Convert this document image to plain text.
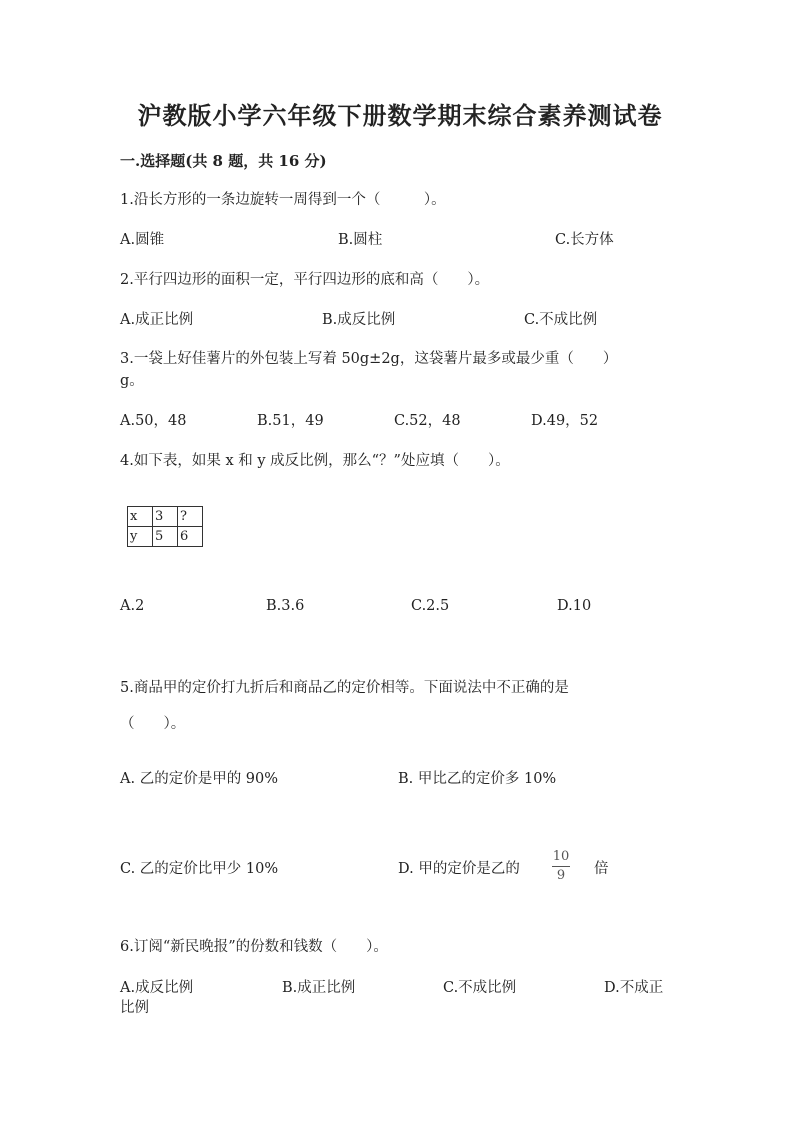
沪教版小学六年级下册数学期末综合素养测试卷
一.选择题(共 8 题，共 16 分)
1.沿长方形的一条边旋转一周得到一个（　　　）。
A.圆锥	B.圆柱	C.长方体
2.平行四边形的面积一定，平行四边形的底和高（　　）。
A.成正比例	B.成反比例	C.不成比例
3.一袋上好佳薯片的外包装上写着 50g±2g，这袋薯片最多或最少重（　　）
g。
A.50，48	B.51，49	C.52，48	D.49，52
4.如下表，如果 x 和 y 成反比例，那么“？”处应填（　　）。
x	3	?
y	5	6
A.2	B.3.6	C.2.5	D.10
5.商品甲的定价打九折后和商品乙的定价相等。下面说法中不正确的是
（　　）。
A. 乙的定价是甲的 90%	B. 甲比乙的定价多 10%
C. 乙的定价比甲少 10%	D. 甲的定价是乙的
10
9	倍
6.订阅“新民晚报”的份数和钱数（　　）。
A.成反比例	B.成正比例	C.不成比例	D.不成正
比例
